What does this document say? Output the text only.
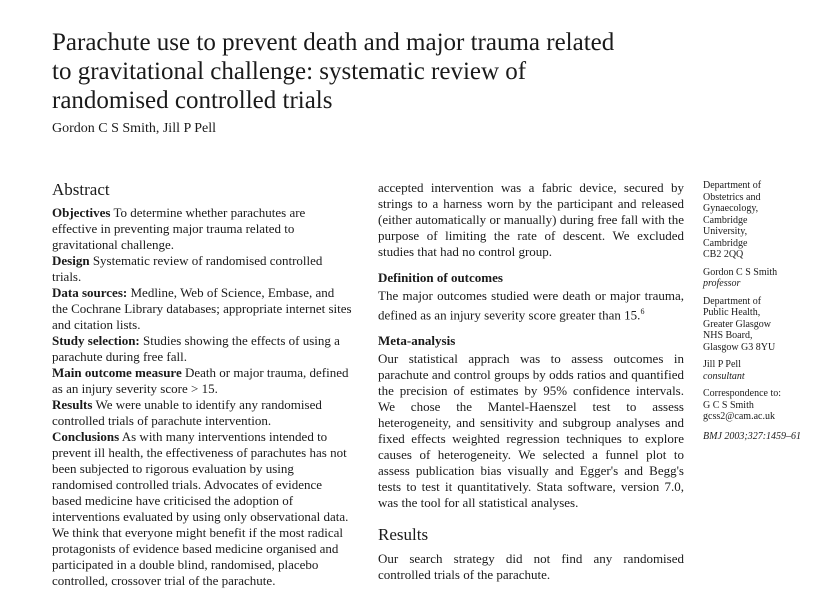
Parachute use to prevent death and major trauma related
to gravitational challenge: systematic review of
randomised controlled trials
Gordon C S Smith, Jill P Pell
Abstract

Objectives To determine whether parachutes are effective in preventing major trauma related to gravitational challenge.

Design Systematic review of randomised controlled trials.

Data sources: Medline, Web of Science, Embase, and the Cochrane Library databases; appropriate internet sites and citation lists.

Study selection: Studies showing the effects of using a parachute during free fall.

Main outcome measure Death or major trauma, defined as an injury severity score > 15.

Results We were unable to identify any randomised controlled trials of parachute intervention.

Conclusions As with many interventions intended to prevent ill health, the effectiveness of parachutes has not been subjected to rigorous evaluation by using randomised controlled trials. Advocates of evidence based medicine have criticised the adoption of interventions evaluated by using only observational data. We think that everyone might benefit if the most radical protagonists of evidence based medicine organised and participated in a double blind, randomised, placebo controlled, crossover trial of the parachute.

accepted intervention was a fabric device, secured by strings to a harness worn by the participant and released (either automatically or manually) during free fall with the purpose of limiting the rate of descent. We excluded studies that had no control group.

Definition of outcomes

The major outcomes studied were death or major trauma, defined as an injury severity score greater than 15.$^6$

Meta-analysis

Our statistical apprach was to assess outcomes in parachute and control groups by odds ratios and quantified the precision of estimates by 95% confidence intervals. We chose the Mantel-Haenszel test to assess heterogeneity, and sensitivity and subgroup analyses and fixed effects weighted regression techniques to explore causes of heterogeneity. We selected a funnel plot to assess publication bias visually and Egger's and Begg's tests to test it quantitatively. Stata software, version 7.0, was the tool for all statistical analyses.

Results

Our search strategy did not find any randomised controlled trials of the parachute.

Department of
Obstetrics and
Gynaecology,
Cambridge
University,
Cambridge
CB2 2QQ
Gordon C S Smith
professor
Department of
Public Health,
Greater Glasgow
NHS Board,
Glasgow G3 8YU
Jill P Pell
consultant
Correspondence to:
G C S Smith
gcss2@cam.ac.uk
BMJ 2003;327:1459–61
